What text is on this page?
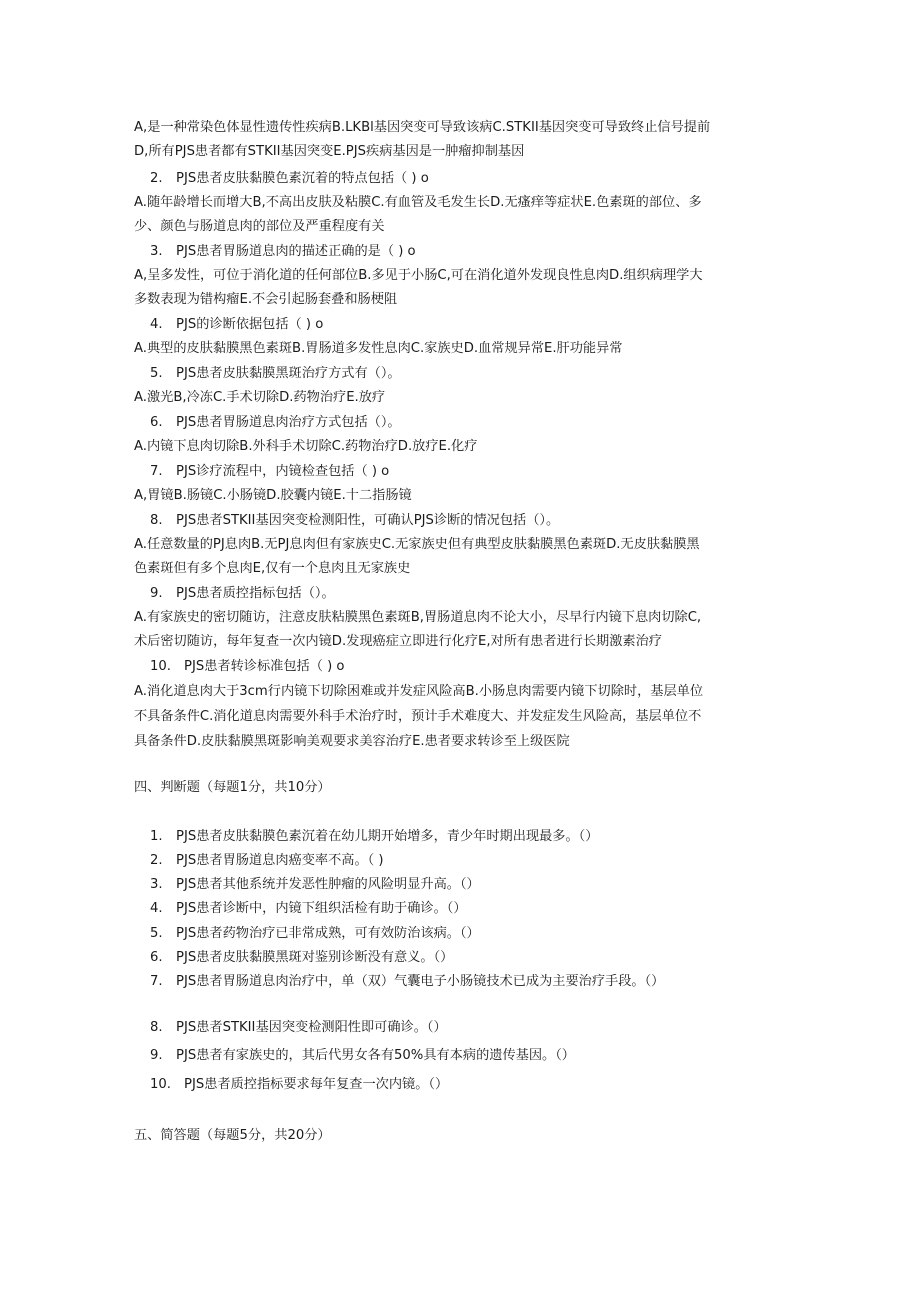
A,是一种常染色体显性遗传性疾病B.LKBl基因突变可导致该病C.STKII基因突变可导致终止信号提前
D,所有PJS患者都有STKII基因突变E.PJS疾病基因是一肿瘤抑制基因
2. PJS患者皮肤黏膜色素沉着的特点包括（ ) o
A.随年龄增长而增大B,不高出皮肤及粘膜C.有血管及毛发生长D.无瘙痒等症状E.色素斑的部位、多
少、颜色与肠道息肉的部位及严重程度有关
3. PJS患者胃肠道息肉的描述正确的是（ ) o
A,呈多发性，可位于消化道的任何部位B.多见于小肠C,可在消化道外发现良性息肉D.组织病理学大
多数表现为错构瘤E.不会引起肠套叠和肠梗阻
4. PJS的诊断依据包括（ ) o
A.典型的皮肤黏膜黑色素斑B.胃肠道多发性息肉C.家族史D.血常规异常E.肝功能异常
5. PJS患者皮肤黏膜黑斑治疗方式有（）。
A.激光B,冷冻C.手术切除D.药物治疗E.放疗
6. PJS患者胃肠道息肉治疗方式包括（）。
A.内镜下息肉切除B.外科手术切除C.药物治疗D.放疗E.化疗
7. PJS诊疗流程中，内镜检查包括（ ) o
A,胃镜B.肠镜C.小肠镜D.胶囊内镜E.十二指肠镜
8. PJS患者STKII基因突变检测阳性，可确认PJS诊断的情况包括（）。
A.任意数量的PJ息肉B.无PJ息肉但有家族史C.无家族史但有典型皮肤黏膜黑色素斑D.无皮肤黏膜黑
色素斑但有多个息肉E,仅有一个息肉且无家族史
9. PJS患者质控指标包括（）。
A.有家族史的密切随访，注意皮肤粘膜黑色素斑B,胃肠道息肉不论大小，尽早行内镜下息肉切除C,
术后密切随访，每年复查一次内镜D.发现癌症立即进行化疗E,对所有患者进行长期激素治疗
10. PJS患者转诊标准包括（ ) o
A.消化道息肉大于3cm行内镜下切除困难或并发症风险高B.小肠息肉需要内镜下切除时，基层单位
不具备条件C.消化道息肉需要外科手术治疗时，预计手术难度大、并发症发生风险高，基层单位不
具备条件D.皮肤黏膜黑斑影响美观要求美容治疗E.患者要求转诊至上级医院
四、判断题（每题1分，共10分）
1. PJS患者皮肤黏膜色素沉着在幼儿期开始增多，青少年时期出现最多。（）
2. PJS患者胃肠道息肉癌变率不高。（ )
3. PJS患者其他系统并发恶性肿瘤的风险明显升高。（）
4. PJS患者诊断中，内镜下组织活检有助于确诊。（）
5. PJS患者药物治疗已非常成熟，可有效防治该病。（）
6. PJS患者皮肤黏膜黑斑对鉴别诊断没有意义。（）
7. PJS患者胃肠道息肉治疗中，单（双）气囊电子小肠镜技术已成为主要治疗手段。（）
8. PJS患者STKII基因突变检测阳性即可确诊。（）
9. PJS患者有家族史的，其后代男女各有50%具有本病的遗传基因。（）
10. PJS患者质控指标要求每年复查一次内镜。（）
五、简答题（每题5分，共20分）
